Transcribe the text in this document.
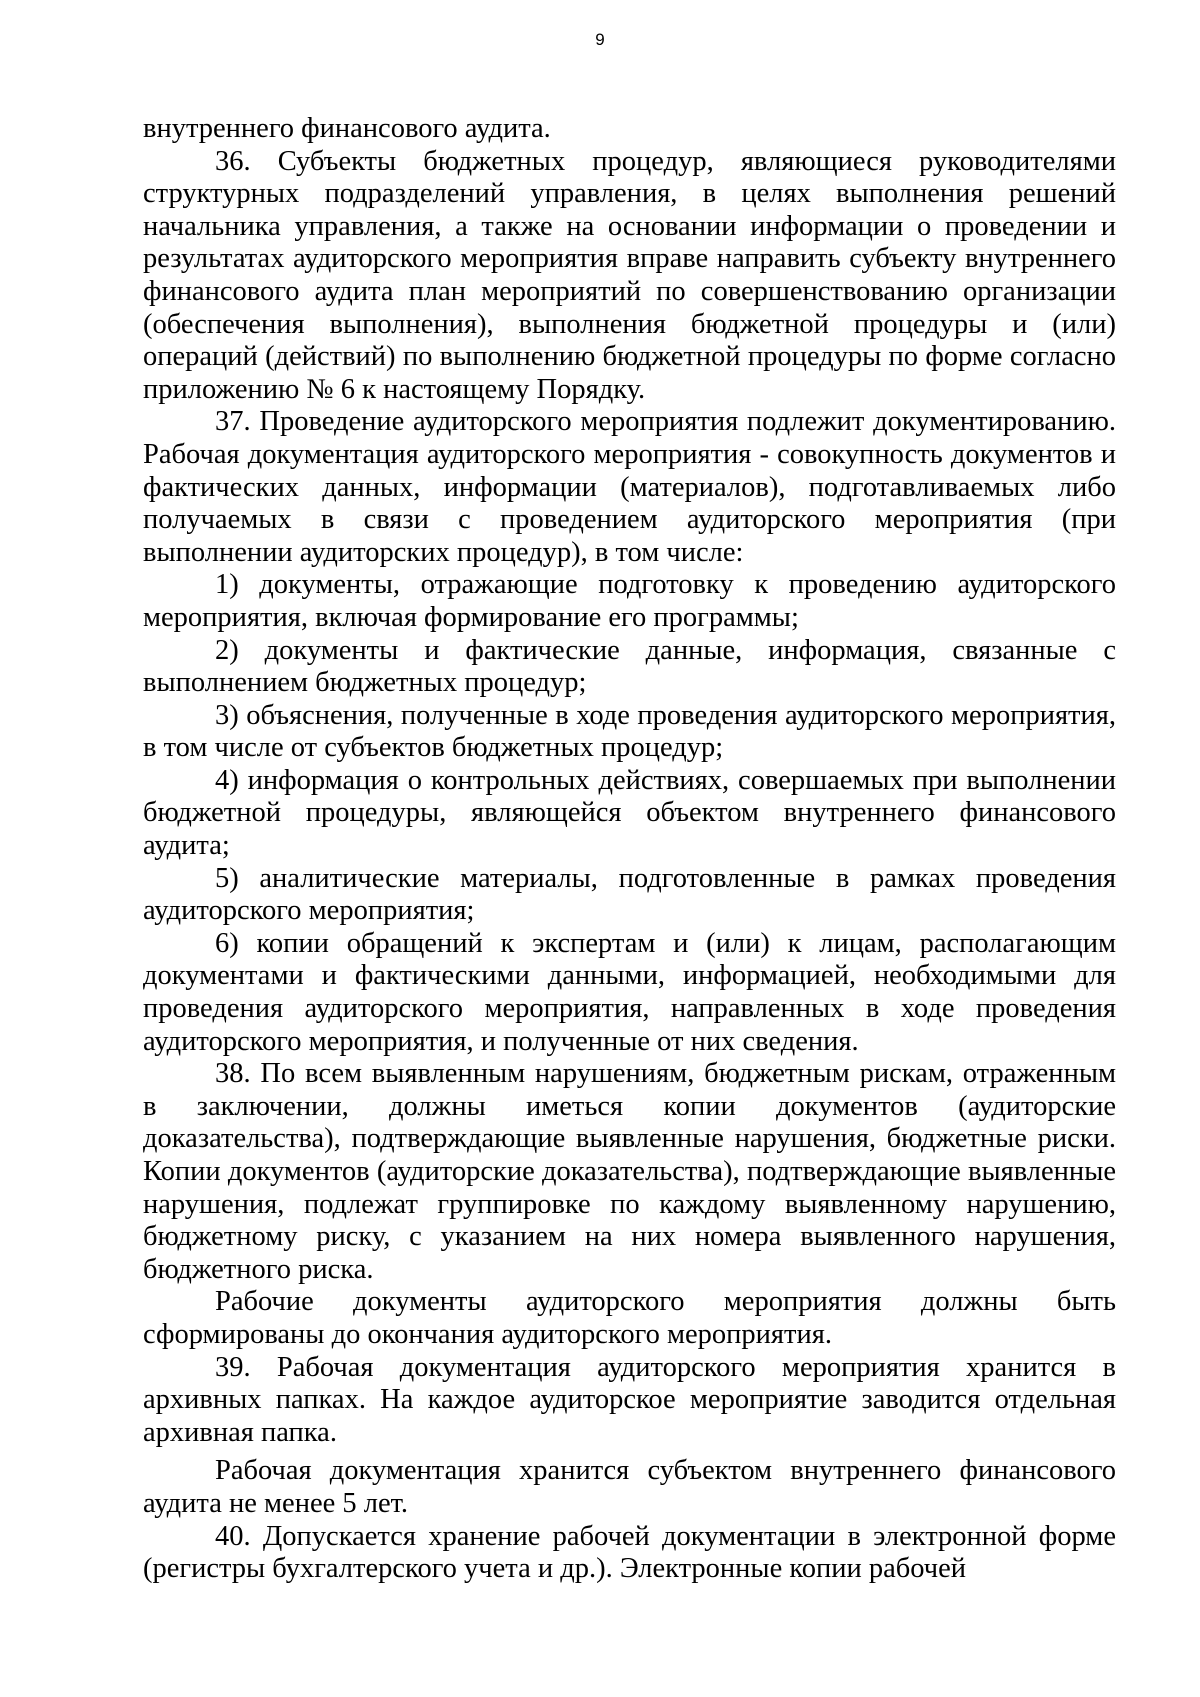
9

внутреннего финансового аудита.

36. Субъекты бюджетных процедур, являющиеся руководителями структурных подразделений управления, в целях выполнения решений начальника управления, а также на основании информации о проведении и результатах аудиторского мероприятия вправе направить субъекту внутреннего финансового аудита план мероприятий по совершенствованию организации (обеспечения выполнения), выполнения бюджетной процедуры и (или) операций (действий) по выполнению бюджетной процедуры по форме согласно приложению № 6 к настоящему Порядку.

37. Проведение аудиторского мероприятия подлежит документированию. Рабочая документация аудиторского мероприятия - совокупность документов и фактических данных, информации (материалов), подготавливаемых либо получаемых в связи с проведением аудиторского мероприятия (при выполнении аудиторских процедур), в том числе:

1) документы, отражающие подготовку к проведению аудиторского мероприятия, включая формирование его программы;

2) документы и фактические данные, информация, связанные с выполнением бюджетных процедур;

3) объяснения, полученные в ходе проведения аудиторского мероприятия, в том числе от субъектов бюджетных процедур;

4) информация о контрольных действиях, совершаемых при выполнении бюджетной процедуры, являющейся объектом внутреннего финансового аудита;

5) аналитические материалы, подготовленные в рамках проведения аудиторского мероприятия;

6) копии обращений к экспертам и (или) к лицам, располагающим документами и фактическими данными, информацией, необходимыми для проведения аудиторского мероприятия, направленных в ходе проведения аудиторского мероприятия, и полученные от них сведения.

38. По всем выявленным нарушениям, бюджетным рискам, отраженным в заключении, должны иметься копии документов (аудиторские доказательства), подтверждающие выявленные нарушения, бюджетные риски. Копии документов (аудиторские доказательства), подтверждающие выявленные нарушения, подлежат группировке по каждому выявленному нарушению, бюджетному риску, с указанием на них номера выявленного нарушения, бюджетного риска.

Рабочие документы аудиторского мероприятия должны быть сформированы до окончания аудиторского мероприятия.

39. Рабочая документация аудиторского мероприятия хранится в архивных папках. На каждое аудиторское мероприятие заводится отдельная архивная папка.

Рабочая документация хранится субъектом внутреннего финансового аудита не менее 5 лет.

40. Допускается хранение рабочей документации в электронной форме (регистры бухгалтерского учета и др.). Электронные копии рабочей
